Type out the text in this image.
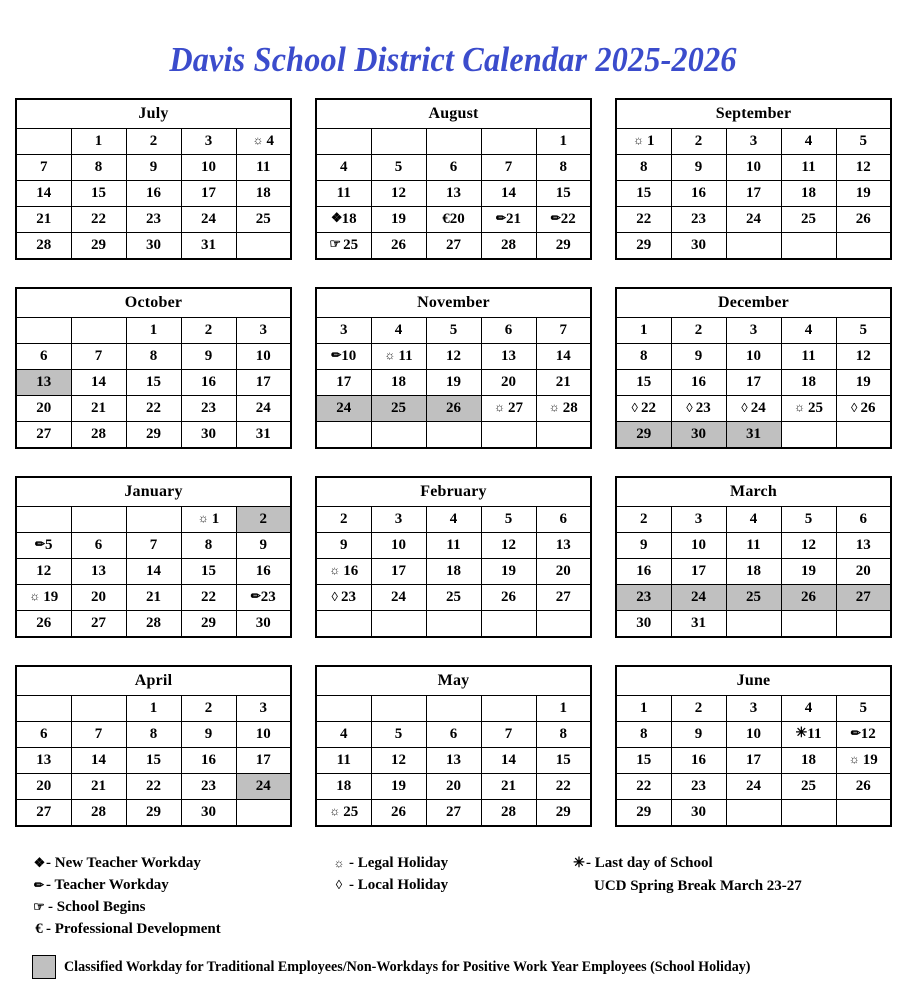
Davis School District Calendar 2025-2026
July				
	1	2	3	☼ 4
7	8	9	10	11
14	15	16	17	18
21	22	23	24	25
28	29	30	31	
August				
				1
4	5	6	7	8
11	12	13	14	15
❖18	19	€20	✏21	✏22
☞ 25	26	27	28	29
September				
☼ 1	2	3	4	5
8	9	10	11	12
15	16	17	18	19
22	23	24	25	26
29	30			
October				
		1	2	3
6	7	8	9	10
13	14	15	16	17
20	21	22	23	24
27	28	29	30	31
November				
3	4	5	6	7
✏10	☼ 11	12	13	14
17	18	19	20	21
24	25	26	☼ 27	☼ 28

December				
1	2	3	4	5
8	9	10	11	12
15	16	17	18	19
◊ 22	◊ 23	◊ 24	☼ 25	◊ 26
29	30	31		
January				
			☼ 1	2
✏5	6	7	8	9
12	13	14	15	16
☼ 19	20	21	22	✏23
26	27	28	29	30
February				
2	3	4	5	6
9	10	11	12	13
☼ 16	17	18	19	20
◊ 23	24	25	26	27

March				
2	3	4	5	6
9	10	11	12	13
16	17	18	19	20
23	24	25	26	27
30	31			
April				
		1	2	3
6	7	8	9	10
13	14	15	16	17
20	21	22	23	24
27	28	29	30	
May				
				1
4	5	6	7	8
11	12	13	14	15
18	19	20	21	22
☼ 25	26	27	28	29
June				
1	2	3	4	5
8	9	10	✳11	✏12
15	16	17	18	☼ 19
22	23	24	25	26
29	30			
❖ - New Teacher Workday
✏ - Teacher Workday
☞ - School Begins
€ - Professional Development
☼ - Legal Holiday
◊ - Local Holiday
✳- Last day of School
UCD Spring Break March 23-27
Classified Workday for Traditional Employees/Non-Workdays for Positive Work Year Employees (School Holiday)
